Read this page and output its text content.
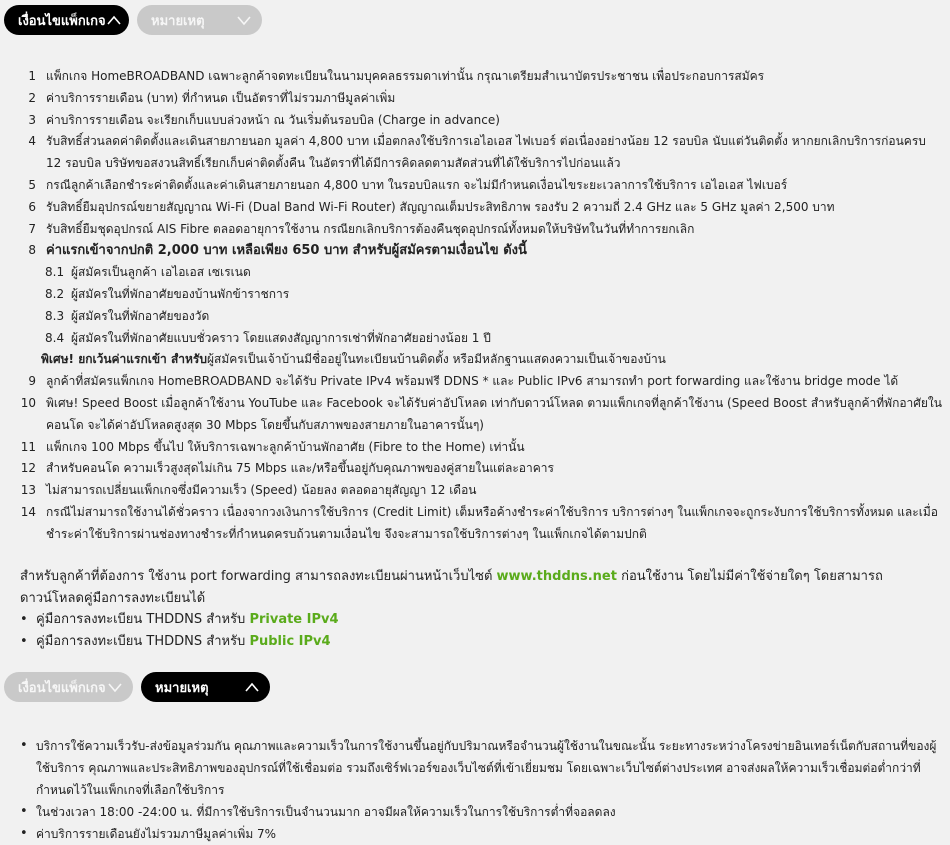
เงื่อนไขแพ็กเกจ	หมายเหตุ
1 แพ็กเกจ HomeBROADBAND เฉพาะลูกค้าจดทะเบียนในนามบุคคลธรรมดาเท่านั้น กรุณาเตรียมสำเนาบัตรประชาชน เพื่อประกอบการสมัคร
2 ค่าบริการรายเดือน (บาท) ที่กำหนด เป็นอัตราที่ไม่รวมภาษีมูลค่าเพิ่ม
3 ค่าบริการรายเดือน จะเรียกเก็บแบบล่วงหน้า ณ วันเริ่มต้นรอบบิล (Charge in advance)
4 รับสิทธิ์ส่วนลดค่าติดตั้งและเดินสายภายนอก มูลค่า 4,800 บาท เมื่อตกลงใช้บริการเอไอเอส ไฟเบอร์ ต่อเนื่องอย่างน้อย 12 รอบบิล นับแต่วันติดตั้ง หากยกเลิกบริการก่อนครบ 12 รอบบิล บริษัทขอสงวนสิทธิ์เรียกเก็บค่าติดตั้งคืน ในอัตราที่ได้มีการคิดลดตามสัดส่วนที่ได้ใช้บริการไปก่อนแล้ว
5 กรณีลูกค้าเลือกชำระค่าติดตั้งและค่าเดินสายภายนอก 4,800 บาท ในรอบบิลแรก จะไม่มีกำหนดเงื่อนไขระยะเวลาการใช้บริการ เอไอเอส ไฟเบอร์
6 รับสิทธิ์ยืมอุปกรณ์ขยายสัญญาณ Wi-Fi (Dual Band Wi-Fi Router) สัญญาณเต็มประสิทธิภาพ รองรับ 2 ความถี่ 2.4 GHz และ 5 GHz มูลค่า 2,500 บาท
7 รับสิทธิ์ยืมชุดอุปกรณ์ AIS Fibre ตลอดอายุการใช้งาน กรณียกเลิกบริการต้องคืนชุดอุปกรณ์ทั้งหมดให้บริษัทในวันที่ทำการยกเลิก
8 ค่าแรกเข้าจากปกติ 2,000 บาท เหลือเพียง 650 บาท สำหรับผู้สมัครตามเงื่อนไข ดังนี้
8.1 ผู้สมัครเป็นลูกค้า เอไอเอส เซเรเนด
8.2 ผู้สมัครในที่พักอาศัยของบ้านพักข้าราชการ
8.3 ผู้สมัครในที่พักอาศัยของวัด
8.4 ผู้สมัครในที่พักอาศัยแบบชั่วคราว โดยแสดงสัญญาการเช่าที่พักอาศัยอย่างน้อย 1 ปี
พิเศษ! ยกเว้นค่าแรกเข้า สำหรับผู้สมัครเป็นเจ้าบ้านมีชื่ออยู่ในทะเบียนบ้านติดตั้ง หรือมีหลักฐานแสดงความเป็นเจ้าของบ้าน
9 ลูกค้าที่สมัครแพ็กเกจ HomeBROADBAND จะได้รับ Private IPv4 พร้อมฟรี DDNS * และ Public IPv6 สามารถทำ port forwarding และใช้งาน bridge mode ได้
10 พิเศษ! Speed Boost เมื่อลูกค้าใช้งาน YouTube และ Facebook จะได้รับค่าอัปโหลด เท่ากับดาวน์โหลด ตามแพ็กเกจที่ลูกค้าใช้งาน (Speed Boost สำหรับลูกค้าที่พักอาศัยในคอนโด จะได้ค่าอัปโหลดสูงสุด 30 Mbps โดยขึ้นกับสภาพของสายภายในอาคารนั้นๆ)
11 แพ็กเกจ 100 Mbps ขึ้นไป ให้บริการเฉพาะลูกค้าบ้านพักอาศัย (Fibre to the Home) เท่านั้น
12 สำหรับคอนโด ความเร็วสูงสุดไม่เกิน 75 Mbps และ/หรือขึ้นอยู่กับคุณภาพของคู่สายในแต่ละอาคาร
13 ไม่สามารถเปลี่ยนแพ็กเกจซึ่งมีความเร็ว (Speed) น้อยลง ตลอดอายุสัญญา 12 เดือน
14 กรณีไม่สามารถใช้งานได้ชั่วคราว เนื่องจากวงเงินการใช้บริการ (Credit Limit) เต็มหรือค้างชำระค่าใช้บริการ บริการต่างๆ ในแพ็กเกจจะถูกระงับการใช้บริการทั้งหมด และเมื่อชำระค่าใช้บริการผ่านช่องทางชำระที่กำหนดครบถ้วนตามเงื่อนไข จึงจะสามารถใช้บริการต่างๆ ในแพ็กเกจได้ตามปกติ
สำหรับลูกค้าที่ต้องการ ใช้งาน port forwarding สามารถลงทะเบียนผ่านหน้าเว็บไซต์ www.thddns.net ก่อนใช้งาน โดยไม่มีค่าใช้จ่ายใดๆ โดยสามารถดาวน์โหลดคู่มือการลงทะเบียนได้
• คู่มือการลงทะเบียน THDDNS สำหรับ Private IPv4
• คู่มือการลงทะเบียน THDDNS สำหรับ Public IPv4
เงื่อนไขแพ็กเกจ	หมายเหตุ
• บริการใช้ความเร็วรับ-ส่งข้อมูลร่วมกัน คุณภาพและความเร็วในการใช้งานขึ้นอยู่กับปริมาณหรือจำนวนผู้ใช้งานในขณะนั้น ระยะทางระหว่างโครงข่ายอินเทอร์เน็ตกับสถานที่ของผู้ใช้บริการ คุณภาพและประสิทธิภาพของอุปกรณ์ที่ใช้เชื่อมต่อ รวมถึงเซิร์ฟเวอร์ของเว็บไซต์ที่เข้าเยี่ยมชม โดยเฉพาะเว็บไซต์ต่างประเทศ อาจส่งผลให้ความเร็วเชื่อมต่อต่ำกว่าที่กำหนดไว้ในแพ็กเกจที่เลือกใช้บริการ
• ในช่วงเวลา 18:00 -24:00 น. ที่มีการใช้บริการเป็นจำนวนมาก อาจมีผลให้ความเร็วในการใช้บริการต่ำที่จอลดลง
• ค่าบริการรายเดือนยังไม่รวมภาษีมูลค่าเพิ่ม 7%
